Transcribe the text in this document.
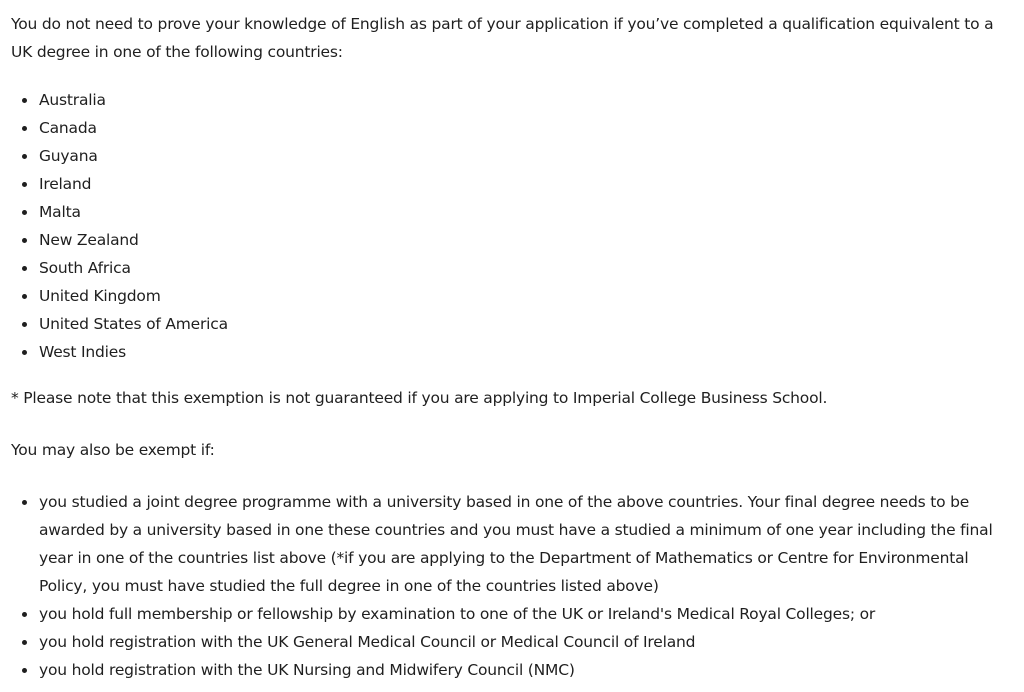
You do not need to prove your knowledge of English as part of your application if you’ve completed a qualification equivalent to a UK degree in one of the following countries:

Australia
Canada
Guyana
Ireland
Malta
New Zealand
South Africa
United Kingdom
United States of America
West Indies

* Please note that this exemption is not guaranteed if you are applying to Imperial College Business School.

You may also be exempt if:

you studied a joint degree programme with a university based in one of the above countries. Your final degree needs to be awarded by a university based in one these countries and you must have a studied a minimum of one year including the final year in one of the countries list above (*if you are applying to the Department of Mathematics or Centre for Environmental Policy, you must have studied the full degree in one of the countries listed above)
you hold full membership or fellowship by examination to one of the UK or Ireland's Medical Royal Colleges; or
you hold registration with the UK General Medical Council or Medical Council of Ireland
you hold registration with the UK Nursing and Midwifery Council (NMC)
